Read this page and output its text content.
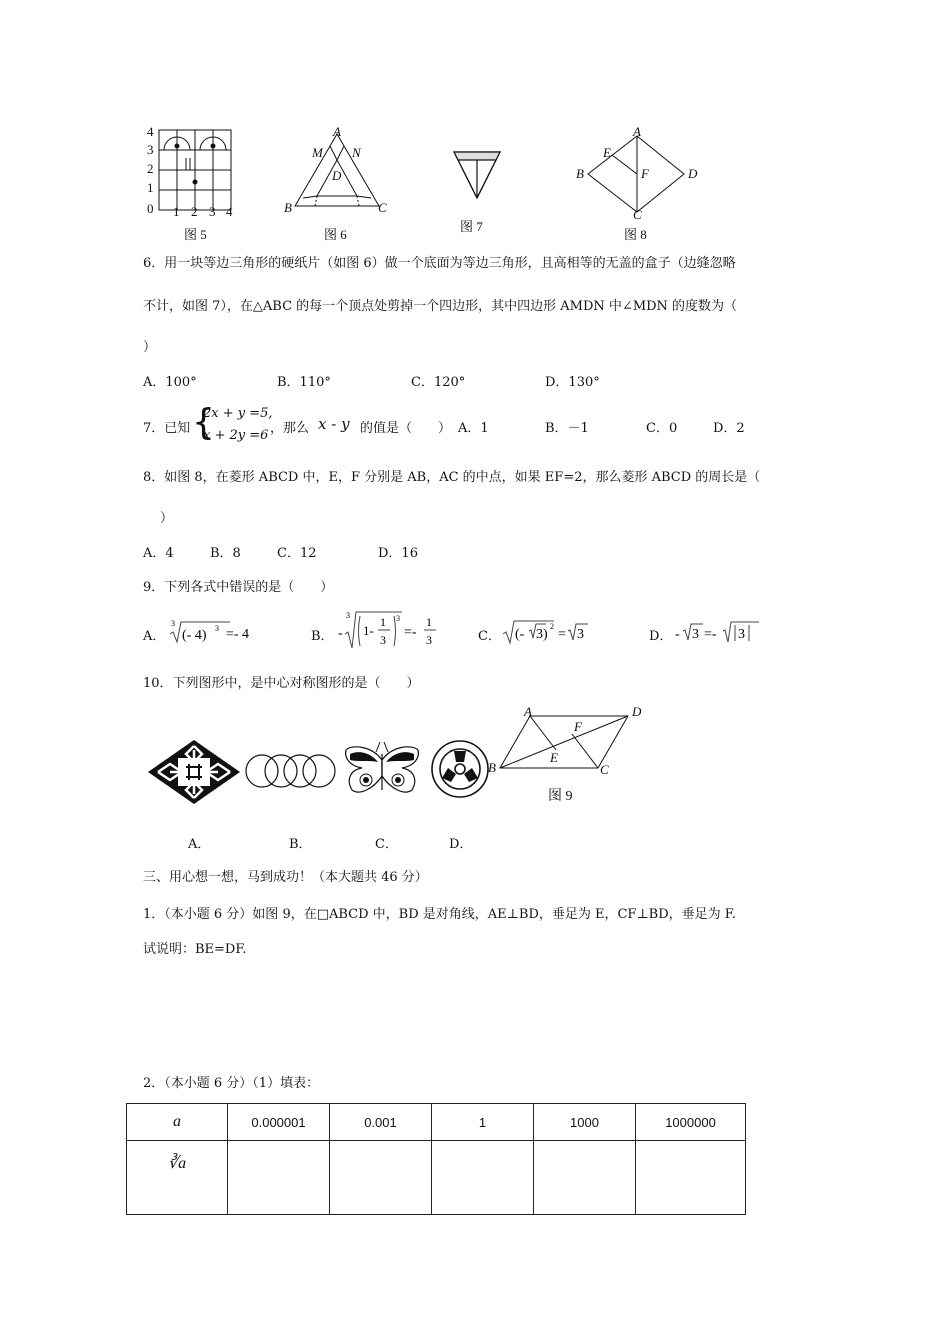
4
3
2
1
0 1 2 3 4
图 5
A
M N
D
B	C
图 6
图 7
A
E
B	F	D
C
图 8
6．用一块等边三角形的硬纸片（如图 6）做一个底面为等边三角形，且高相等的无盖的盒子（边缝忽略
不计，如图 7），在△ABC 的每一个顶点处剪掉一个四边形，其中四边形 AMDN 中∠MDN 的度数为（
）
A．100°	B．110°	C．120°	D．130°
7．已知 {
2x + y =5,
x + 2y =6 ，那么 x - y 的值是（　　） A．1	B．－1	C．0	D．2
8．如图 8，在菱形 ABCD 中，E，F 分别是 AB，AC 的中点，如果 EF=2，那么菱形 ABCD 的周长是（
）
A．4	B．8	C．12	D．16
9．下列各式中错误的是（　　）
A．	B．	C．	D．
3
(- 4) 3 =- 4	-
3
1-
1
3
3
=-
1
3	(- 3)
2
= 3	- 3 =- 3
10．下列图形中，是中心对称图形的是（　　）
A
F
D
E
B	C
图 9
A．	B．	C．	D．
三、用心想一想，马到成功！（本大题共 46 分）
1．（本小题 6 分）如图 9，在□ABCD 中，BD 是对角线，AE⊥BD，垂足为 E，CF⊥BD，垂足为 F.
试说明：BE=DF.
2．（本小题 6 分）（1）填表：
a	0.000001	0.001	1	1000	1000000
∛a					
